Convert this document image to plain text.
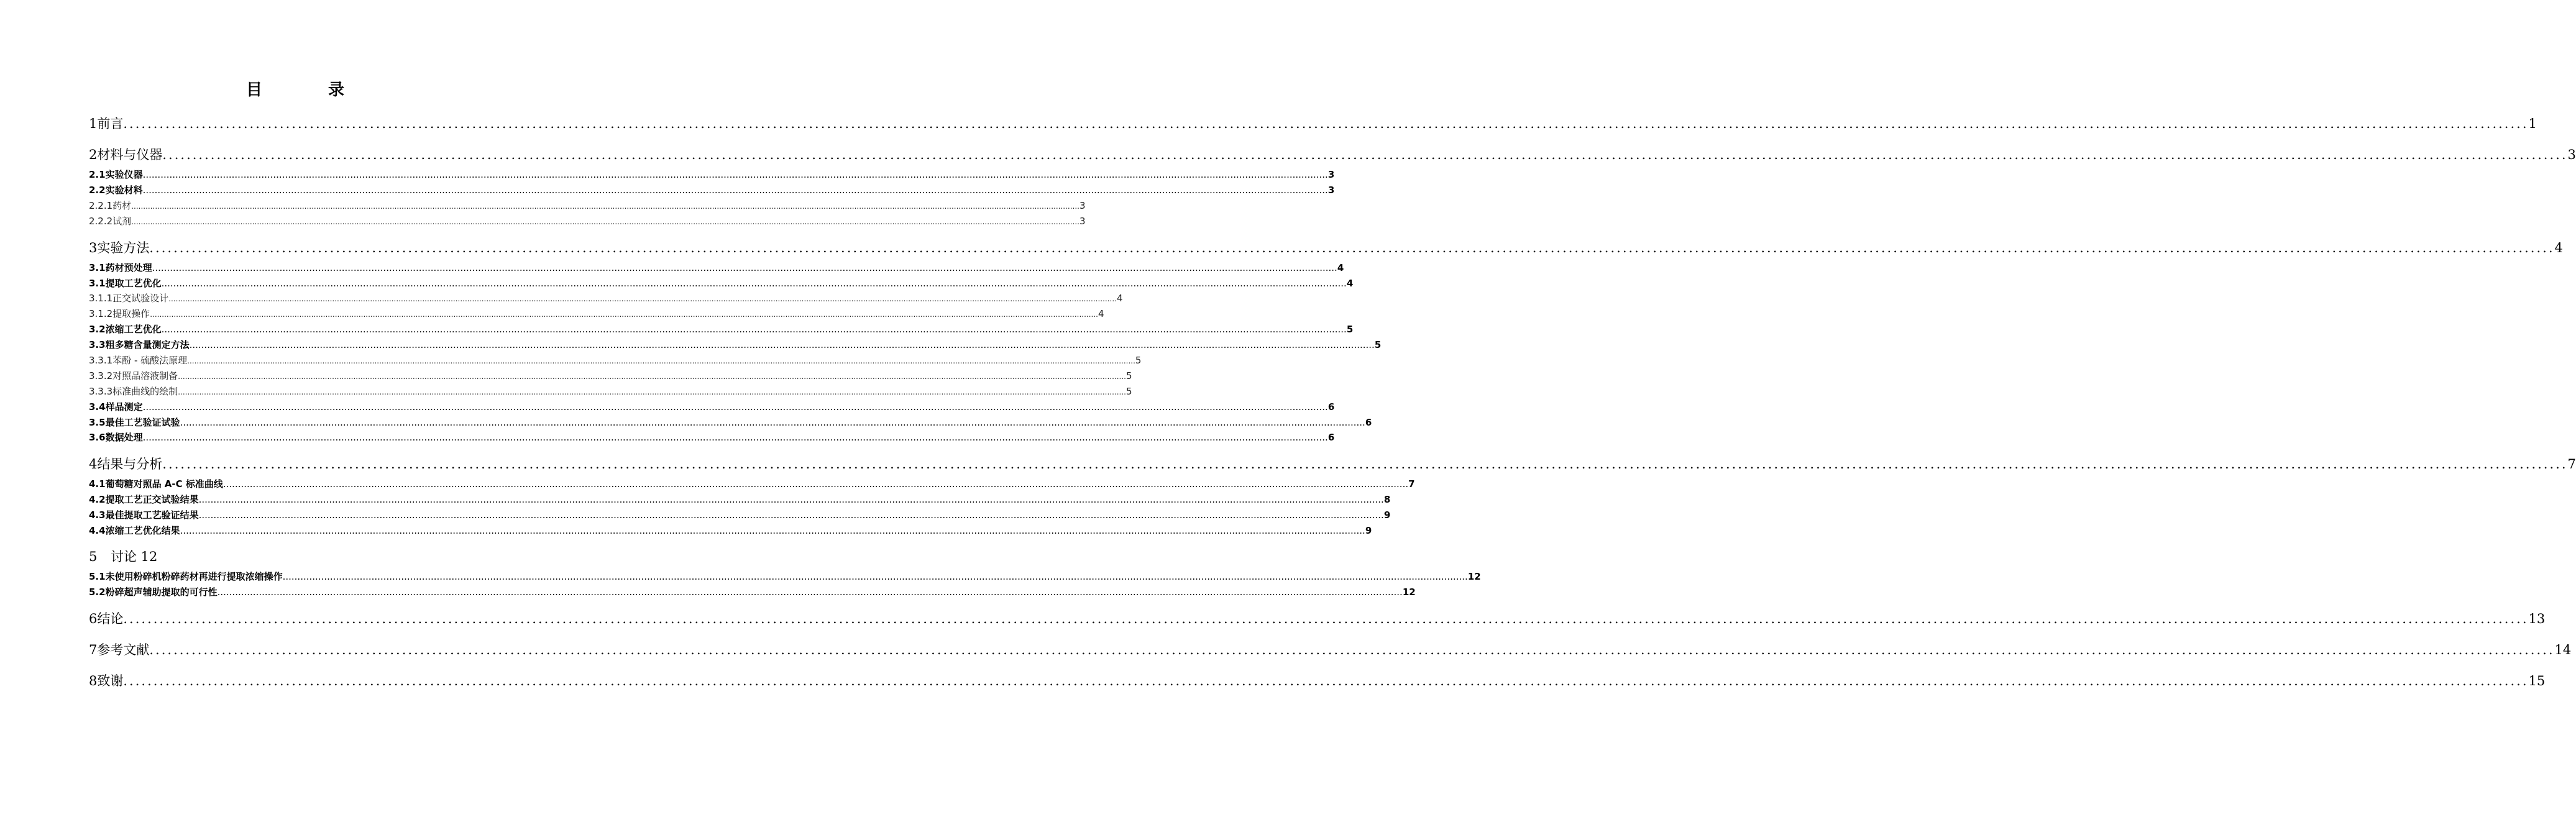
目　录
1 前言 ................................................................................................................................................................................................................................................................................................................................................................................................................ 1
2 材料与仪器 ................................................................................................................................................................................................................................................................................................................................................................................................................ 3
2.1 实验仪器 ................................................................................................................................................................................................................................................................................................................................................................................................................ 3
2.2 实验材料 ................................................................................................................................................................................................................................................................................................................................................................................................................ 3
2.2.1 药材 ................................................................................................................................................................................................................................................................................................................................................................................................................ 3
2.2.2 试剂 ................................................................................................................................................................................................................................................................................................................................................................................................................ 3
3 实验方法 ................................................................................................................................................................................................................................................................................................................................................................................................................ 4
3.1 药材预处理 ................................................................................................................................................................................................................................................................................................................................................................................................................ 4
3.1 提取工艺优化 ................................................................................................................................................................................................................................................................................................................................................................................................................ 4
3.1.1 正交试验设计 ................................................................................................................................................................................................................................................................................................................................................................................................................ 4
3.1.2 提取操作 ................................................................................................................................................................................................................................................................................................................................................................................................................ 4
3.2 浓缩工艺优化 ................................................................................................................................................................................................................................................................................................................................................................................................................ 5
3.3 粗多糖含量测定方法 ................................................................................................................................................................................................................................................................................................................................................................................................................ 5
3.3.1 苯酚 - 硫酸法原理 ................................................................................................................................................................................................................................................................................................................................................................................................................ 5
3.3.2 对照品溶液制备 ................................................................................................................................................................................................................................................................................................................................................................................................................ 5
3.3.3 标准曲线的绘制 ................................................................................................................................................................................................................................................................................................................................................................................................................ 5
3.4 样品测定 ................................................................................................................................................................................................................................................................................................................................................................................................................ 6
3.5 最佳工艺验证试验 ................................................................................................................................................................................................................................................................................................................................................................................................................ 6
3.6 数据处理 ................................................................................................................................................................................................................................................................................................................................................................................................................ 6
4 结果与分析 ................................................................................................................................................................................................................................................................................................................................................................................................................ 7
4.1 葡萄糖对照品 A-C 标准曲线 ................................................................................................................................................................................................................................................................................................................................................................................................................ 7
4.2 提取工艺正交试验结果 ................................................................................................................................................................................................................................................................................................................................................................................................................ 8
4.3 最佳提取工艺验证结果 ................................................................................................................................................................................................................................................................................................................................................................................................................ 9
4.4 浓缩工艺优化结果 ................................................................................................................................................................................................................................................................................................................................................................................................................ 9
5	讨论 12
5.1 未使用粉碎机粉碎药材再进行提取浓缩操作 ................................................................................................................................................................................................................................................................................................................................................................................................................ 12
5.2 粉碎超声辅助提取的可行性 ................................................................................................................................................................................................................................................................................................................................................................................................................ 12
6 结论 ................................................................................................................................................................................................................................................................................................................................................................................................................ 13
7 参考文献 ................................................................................................................................................................................................................................................................................................................................................................................................................ 14
8 致谢 ................................................................................................................................................................................................................................................................................................................................................................................................................ 15
